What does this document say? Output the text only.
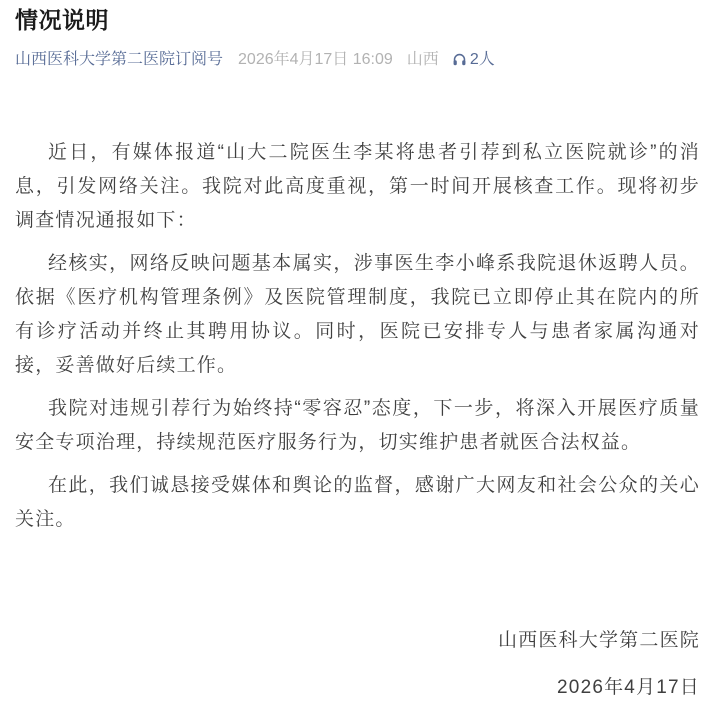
情况说明
山西医科大学第二医院订阅号 2026年4月17日 16:09 山西 2人

近日，有媒体报道“山大二院医生李某将患者引荐到私立医院就诊”的消息，引发网络关注。我院对此高度重视，第一时间开展核查工作。现将初步调查情况通报如下：

经核实，网络反映问题基本属实，涉事医生李小峰系我院退休返聘人员。依据《医疗机构管理条例》及医院管理制度，我院已立即停止其在院内的所有诊疗活动并终止其聘用协议。同时，医院已安排专人与患者家属沟通对接，妥善做好后续工作。

我院对违规引荐行为始终持“零容忍”态度，下一步，将深入开展医疗质量安全专项治理，持续规范医疗服务行为，切实维护患者就医合法权益。

在此，我们诚恳接受媒体和舆论的监督，感谢广大网友和社会公众的关心关注。

山西医科大学第二医院

2026年4月17日
